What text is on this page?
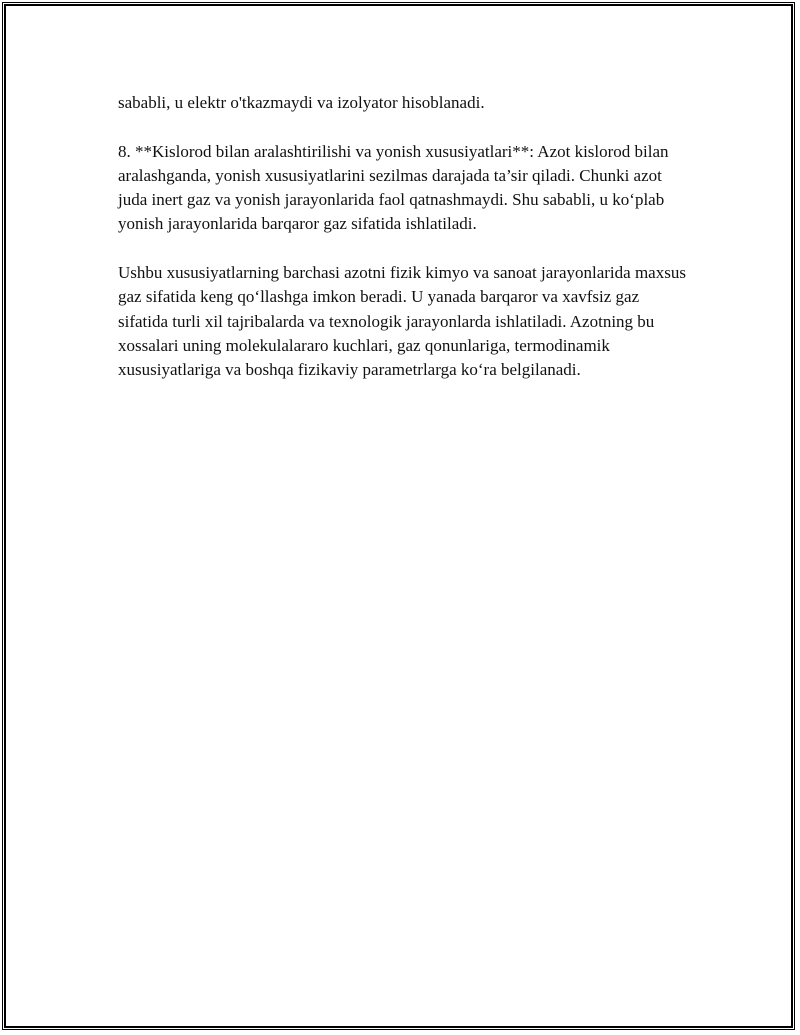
sababli, u elektr o'tkazmaydi va izolyator hisoblanadi.

8. **Kislorod bilan aralashtirilishi va yonish xususiyatlari**: Azot kislorod bilan aralashganda, yonish xususiyatlarini sezilmas darajada ta’sir qiladi. Chunki azot juda inert gaz va yonish jarayonlarida faol qatnashmaydi. Shu sababli, u ko‘plab yonish jarayonlarida barqaror gaz sifatida ishlatiladi.

Ushbu xususiyatlarning barchasi azotni fizik kimyo va sanoat jarayonlarida maxsus gaz sifatida keng qo‘llashga imkon beradi. U yanada barqaror va xavfsiz gaz sifatida turli xil tajribalarda va texnologik jarayonlarda ishlatiladi. Azotning bu xossalari uning molekulalararo kuchlari, gaz qonunlariga, termodinamik xususiyatlariga va boshqa fizikaviy parametrlarga ko‘ra belgilanadi.
